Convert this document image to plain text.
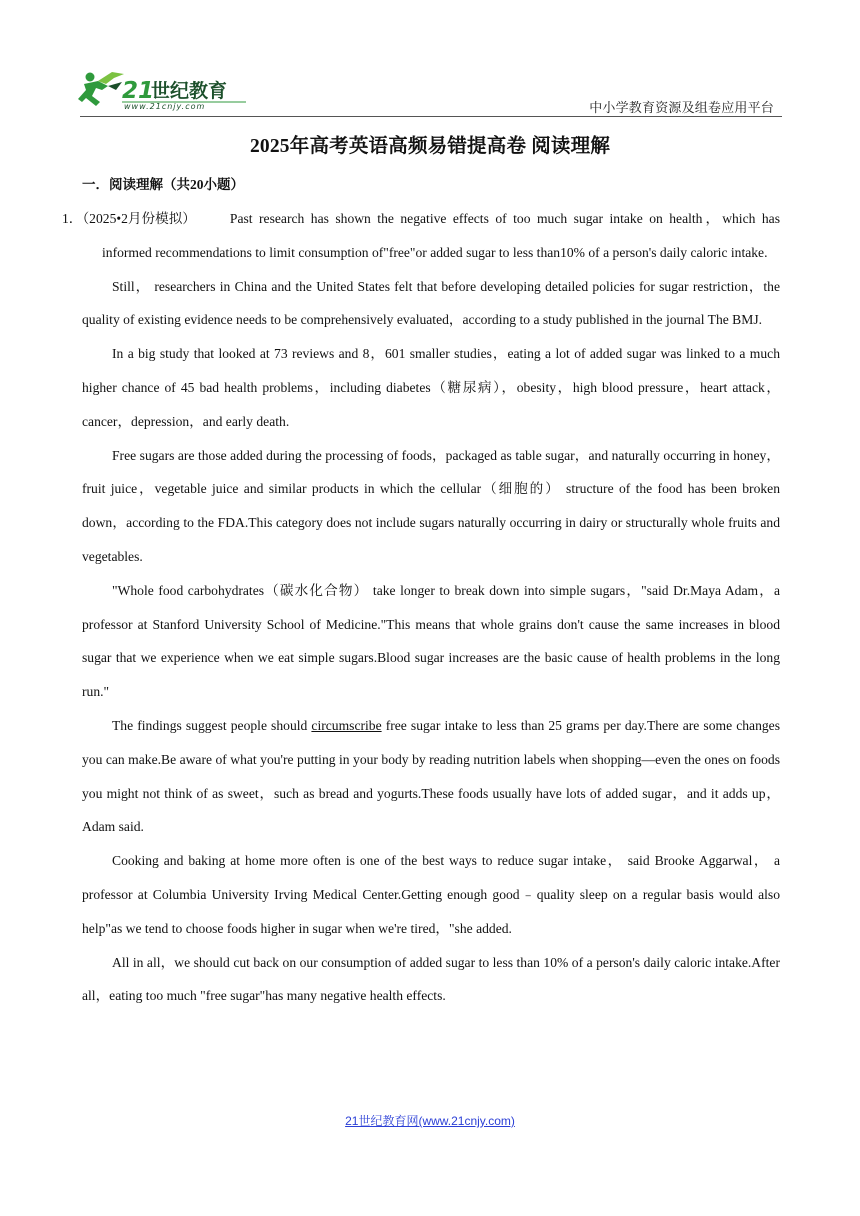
21
世纪教育
www.21cnjy.com	中小学教育资源及组卷应用平台
2025年高考英语高频易错提高卷 阅读理解
一．阅读理解（共20小题）

1．（2025•2月份模拟）	Past research has shown the negative effects of too much sugar intake on health，which has informed recommendations to limit consumption of"free"or added sugar to less than10% of a person's daily caloric intake.

Still， researchers in China and the United States felt that before developing detailed policies for sugar restriction，the quality of existing evidence needs to be comprehensively evaluated，according to a study published in the journal The BMJ.

In a big study that looked at 73 reviews and 8，601 smaller studies，eating a lot of added sugar was linked to a much higher chance of 45 bad health problems，including diabetes（糖尿病），obesity，high blood pressure，heart attack，cancer，depression，and early death.

Free sugars are those added during the processing of foods，packaged as table sugar，and naturally occurring in honey，fruit juice，vegetable juice and similar products in which the cellular（细胞的） structure of the food has been broken down，according to the FDA.This category does not include sugars naturally occurring in dairy or structurally whole fruits and vegetables.

"Whole food carbohydrates（碳水化合物） take longer to break down into simple sugars，"said Dr.Maya Adam，a professor at Stanford University School of Medicine."This means that whole grains don't cause the same increases in blood sugar that we experience when we eat simple sugars.Blood sugar increases are the basic cause of health problems in the long run."

The findings suggest people should circumscribe free sugar intake to less than 25 grams per day.There are some changes you can make.Be aware of what you're putting in your body by reading nutrition labels when shopping—even the ones on foods you might not think of as sweet，such as bread and yogurts.These foods usually have lots of added sugar，and it adds up，Adam said.

Cooking and baking at home more often is one of the best ways to reduce sugar intake， said Brooke Aggarwal， a professor at Columbia University Irving Medical Center.Getting enough good﹣quality sleep on a regular basis would also help"as we tend to choose foods higher in sugar when we're tired，"she added.

All in all，we should cut back on our consumption of added sugar to less than 10% of a person's daily caloric intake.After all，eating too much "free sugar"has many negative health effects.

21世纪教育网(www.21cnjy.com)
